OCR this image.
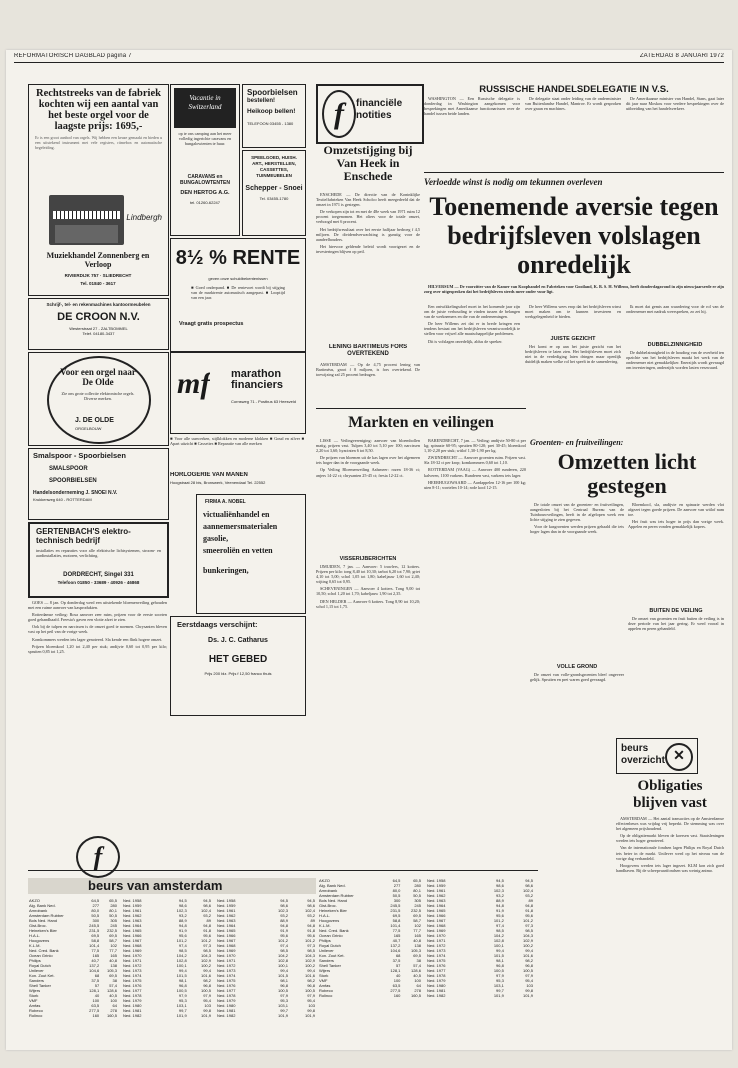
REFORMATORISCH DAGBLAD pagina 7	ZATERDAG 8 JANUARI 1972
Rechtstreeks van de fabriek kochten wij een aantal van het beste orgel voor de laagste prijs: 1695,-
Er is een groot aanbod van orgels. Wij hebben een keuze gemaakt en bieden u een uitstekend instrument met vele registers, ritmebox en automatische begeleiding.
Lindbergh
Muziekhandel Zonnenberg en Verloop
RIVIERDIJK 757 · SLIEDRECHT
Tel. 01840 - 3617
Schrijf-, tel- en rekenmachines kantoormeubelen
DE CROON N.V.
Westerstraat 27 - ZALTBOMMEL
Telef. 04180-3437
Voor een orgel naar De Olde
Zie ons grote collectie elektronische orgels. Diverse merken.
J. DE OLDE
ORGELBOUW
Smalspoor - Spoorbielsen
SMALSPOOR
SPOORBIELSEN
Handelsonderneming J. SNOEI N.V.
Krukkenweg 640 - ROTTERDAM
GERTENBACH'S elektro-technisch bedrijf
installaties en reparaties voor alle elektrische lichtsystemen, stroom- en aardinstallaties, motoren, verlichting.
DORDRECHT, Singel 331
Telefoon 01850 - 33689 - 40926 - 46868
Vacantie in Switzerland
op te ons camping aan het meer volledig ingerichte caravans en bungalowtenten te huur.
CARAVANS en BUNGALOWTENTEN
DEN HERTOG A.G.
tel. 01260-62247
Spoorbielsen
bestellen!
Heikoop bellen!
TELEFOON 03455 - 1380
SPEELGOED, HUISH. ART., HERSTELLEN, CASSETTES, TUINMEUBELEN
Schepper - Snoei
Tel. 03455-1780
8½ % RENTE
geven onze schuldbekentenissen
■ Goed onderpand. ■ De rentevoet wordt bij stijging van de marktrente automatisch aangepast. ■ Looptijd van een jaar.
Vraagt gratis prospectus
mf marathon financiers
Cornsweg 71 - Postbus 63 Heesveld
■ Voor alle uurwerken, stijlklokken en moderne klokken ■ Goud en zilver ■ Apart uitzicht ■ Cassettes ■ Reparatie van alle merken
HORLOGERIE VAN MANEN
Hoogstraat 28 bis, Bronswerk, Veenendaal Tel. 22552
FIRMA A. NOBEL
victualiënhandel en
aannemersmaterialen
gasolie,
smeeroliën en vetten
bunkeringen,
Eerstdaags verschijnt:
Ds. J. C. Catharus
HET GEBED
Prijs 200 blz. Prijs f 12,50 franco thuis

GOES — 8 jan. Op donderdag werd een uitstekende bloemenveiling gehouden met een ruime aanvoer van kasprodukten.

Rotterdamse veiling: Rosa aanvoer zeer ruim, prijzen voor de eerste soorten goed gehandhaafd. Freesia's gaven een vlotte afzet te zien.

Ook bij de tulpen en narcissen is de omzet goed te noemen. Chrysanten bleven vast op het peil van de vorige week.

Komkommers werden iets lager genoteerd. Sla kende een flink hogere omzet.

Prijzen bloemkool 1,20 tot 2,40 per stuk; andijvie 0,60 tot 0,95 per kilo; spruiten 0,85 tot 1,25.

f	financiële notities
Omzetstijging bij Van Heek in Enschede

ENSCHEDE — De directie van de Koninklijke Textielfabrieken Van Heek Scholco heeft meegedeeld dat de omzet in 1971 is gestegen.

De verkopen zijn tot en met de 48e week van 1971 ruim 12 procent toegenomen. Het oliers voor de totale omzet, verhoogd met 6 procent.

Het bedrijfsresultaat over het eerste halfjaar bedroeg f 4,5 miljoen. De dividendverwachting is gunstig voor de aandeelhouders.

Het hiervoor geldende beleid wordt voortgezet en de investeringen blijven op peil.

LENING BARTIMEUS FORS OVERTEKEND

AMSTERDAM — Op de 4,75 procent lening van Bartiméus, groot f 8 miljoen, is fors overtekend. De toewijzing zal 25 procent bedragen.

RUSSISCHE HANDELSDELEGATIE IN V.S.

WASHINGTON — Een Russische delegatie is donderdag in Washington aangekomen voor besprekingen met Amerikaanse functionarissen over de handel tussen beide landen.

De delegatie staat onder leiding van de onderminister van Buitenlandse Handel, Mantrov. Er wordt gesproken over graan en machines.

De Amerikaanse minister van Handel, Stans, gaat later dit jaar naar Moskou voor verdere besprekingen over de uitbreiding van het handelsverkeer.

Verloedde winst is nodig om tekunnen overleven
Toenemende aversie tegen bedrijfsleven volslagen onredelijk

HILVERSUM — De voorzitter van de Kamer van Koophandel en Fabrieken voor Gooiland, K. B. S. H. Willems, heeft donderdagavond in zijn nieuwjaarsrede er zijn zorg over uitgesproken dat het bedrijfsleven steeds meer onder vuur ligt.

Een ontwikkelingsdoel moet in het komende jaar zijn om de juiste verhouding te vinden tussen de belangen van de werknemers en die van de ondernemingen.

De heer Willems zei dat er in brede kringen een tendens bestaat om het bedrijfsleven verantwoordelijk te stellen voor vrijwel alle maatschappelijke problemen.

Dit is volslagen onredelijk, aldus de spreker.

De heer Willems wees erop dat het bedrijfsleven winst moet maken om te kunnen investeren en werkgelegenheid te bieden.

JUISTE GEZICHT

Het komt er op aan het juiste gezicht van het bedrijfsleven te laten zien. Het bedrijfsleven moet zich niet in de verdediging laten dringen maar openlijk duidelijk maken welke rol het speelt in de samenleving.

Ik moet dat gemis aan waardering voor de rol van de ondernemer met nadruk weerspreken, zo zei hij.

DUBBELZINNIGHEID

De dubbelzinnigheid in de houding van de overheid ten opzichte van het bedrijfsleven maakt het werk van de ondernemer niet gemakkelijker. Enerzijds wordt gevraagd om investeringen, anderzijds worden lasten verzwaard.

Markten en veilingen

LISSE — Veilingvereniging: aanvoer van bloembollen matig, prijzen vast. Tulpen 3,40 tot 5,10 per 100; narcissen 2,20 tot 3,60; hyacinten 6 tot 8,50.

De prijzen van bloemen uit de kas lagen over het algemeen iets hoger dan in de voorgaande week.

Op Veiling Bloemenveiling Aalsmeer: rozen 18-36 ct; anjers 14-22 ct; chrysanten 25-45 ct; fresia 12-22 ct.

VISSERIJBERICHTEN

IJMUIDEN, 7 jan. — Aanvoer: 5 trawlers, 12 kotters. Prijzen per kilo: tong 8,40 tot 10,30; tarbot 6,20 tot 7,90; griet 4,10 tot 5,00; schol 1,05 tot 1,80; kabeljauw 1,60 tot 2,40; wijting 0,65 tot 0,95.

SCHEVENINGEN — Aanvoer 4 kotters. Tong 9,00 tot 10,50; schol 1,20 tot 1,70; kabeljauw 1,90 tot 2,35.

DEN HELDER — Aanvoer 6 kotters. Tong 8,90 tot 10,20; schol 1,15 tot 1,75.

BARENDRECHT, 7 jan. — Veiling: andijvie 50-80 ct per kg; spinazie 60-95; spruiten 80-120; prei 30-45; bloemkool 1,10-2,20 per stuk; witlof 1,30-1,90 per kg.

ZWIJNDRECHT — Aanvoer groenten ruim. Prijzen vast. Sla 18-32 ct per krop; komkommers 0,60 tot 1,10.

ROTTERDAM (VAAG) — Aanvoer 400 runderen, 220 kalveren, 1100 varkens. Runderen vast, varkens iets lager.

HEERHUGOWAARD — Aardappelen 12-16 per 100 kg; uien 8-11; wortelen 10-14; rode kool 12-15.

Groenten- en fruitveilingen:
Omzetten licht gestegen

De totale omzet van de groenten- en fruitveilingen, aangesloten bij het Centraal Bureau van de Tuinbouwveilingen, heeft in de afgelopen week een lichte stijging te zien gegeven.

Voor de kasgroenten werden prijzen gehaald die iets hoger lagen dan in de voorgaande week.

VOLLE GROND

De omzet van volle-grondsgroenten bleef ongeveer gelijk. Spruiten en prei waren goed gevraagd.

Bloemkool, sla, andijvie en spinazie werden vlot afgezet tegen goede prijzen. De aanvoer van witlof nam toe.

Het fruit was iets hoger in prijs dan vorige week. Appelen en peren vonden gemakkelijk kopers.

BUITEN DE VEILING

De omzet van groenten en fruit buiten de veiling is in deze periode van het jaar gering. Er werd vooral in appelen en peren gehandeld.

f
beurs van amsterdam
AKZO	64,5	65,5
Alg. Bank Ned.	277	280
Amrobank	80,0	80,1
Amsterdam Rubber	50,5	50,5
Bols Ned. Hand	300	305
Gist-Broc.	245,5	245
Heineken's Bier	231,5	232,5
H.A.L.	69,5	69,5
Hoogovens	58,8	58,7
K.L.M.	101,4	102
Ned. Cred. Bank	77,5	77,7
Ocean Grinio	165	165
Philips	40,7	40,8
Royal Dutch	137,2	138
Unilever	104,6	105,3
Kon. Zout Ket.	68	69,5
Sanders	37,5	38
Shell Tanker	57	57,4
Wijers	128,1	128,6
Stork	40	40,5
VMF	100	100
Amfas	63,5	64
Robeco	277,5	278
Rolinco	160	160,5
Ned. 1958	94,5	94,5
Ned. 1959	98,6	98,6
Ned. 1961	102,3	102,4
Ned. 1962	93,2	93,2
Ned. 1963	88,9	89
Ned. 1964	94,8	94,8
Ned. 1965	91,9	91,8
Ned. 1966	95,6	95,6
Ned. 1967	101,2	101,2
Ned. 1968	97,4	97,3
Ned. 1969	98,5	98,5
Ned. 1970	104,2	104,3
Ned. 1971	102,8	102,9
Ned. 1972	100,1	100,2
Ned. 1973	99,4	99,4
Ned. 1974	101,5	101,6
Ned. 1975	98,1	98,2
Ned. 1976	96,8	96,8
Ned. 1977	100,5	100,5
Ned. 1978	97,9	97,9
Ned. 1979	95,3	95,4
Ned. 1980	103,1	103
Ned. 1981	99,7	99,8
Ned. 1982	101,9	101,9
Ned. 1958	94,5	94,5
Ned. 1959	98,6	98,6
Ned. 1961	102,3	102,4
Ned. 1962	93,2	93,2
Ned. 1963	88,9	89
Ned. 1964	94,8	94,8
Ned. 1965	91,9	91,8
Ned. 1966	95,6	95,6
Ned. 1967	101,2	101,2
Ned. 1968	97,4	97,3
Ned. 1969	98,5	98,5
Ned. 1970	104,2	104,3
Ned. 1971	102,8	102,9
Ned. 1972	100,1	100,2
Ned. 1973	99,4	99,4
Ned. 1974	101,5	101,6
Ned. 1975	98,1	98,2
Ned. 1976	96,8	96,8
Ned. 1977	100,5	100,5
Ned. 1978	97,9	97,9
Ned. 1979	95,3	95,4
Ned. 1980	103,1	103
Ned. 1981	99,7	99,8
Ned. 1982	101,9	101,9
AKZO	64,5	65,5
Alg. Bank Ned.	277	280
Amrobank	80,0	80,1
Amsterdam Rubber	50,5	50,5
Bols Ned. Hand	300	305
Gist-Broc.	245,5	245
Heineken's Bier	231,5	232,5
H.A.L.	69,5	69,5
Hoogovens	58,8	58,7
K.L.M.	101,4	102
Ned. Cred. Bank	77,5	77,7
Ocean Grinio	165	165
Philips	40,7	40,8
Royal Dutch	137,2	138
Unilever	104,6	105,3
Kon. Zout Ket.	68	69,5
Sanders	37,5	38
Shell Tanker	57	57,4
Wijers	128,1	128,6
Stork	40	40,5
VMF	100	100
Amfas	63,5	64
Robeco	277,5	278
Rolinco	160	160,5
Ned. 1958	94,5	94,5
Ned. 1959	98,6	98,6
Ned. 1961	102,3	102,4
Ned. 1962	93,2	93,2
Ned. 1963	88,9	89
Ned. 1964	94,8	94,8
Ned. 1965	91,9	91,8
Ned. 1966	95,6	95,6
Ned. 1967	101,2	101,2
Ned. 1968	97,4	97,3
Ned. 1969	98,5	98,5
Ned. 1970	104,2	104,3
Ned. 1971	102,8	102,9
Ned. 1972	100,1	100,2
Ned. 1973	99,4	99,4
Ned. 1974	101,5	101,6
Ned. 1975	98,1	98,2
Ned. 1976	96,8	96,8
Ned. 1977	100,5	100,5
Ned. 1978	97,9	97,9
Ned. 1979	95,3	95,4
Ned. 1980	103,1	103
Ned. 1981	99,7	99,8
Ned. 1982	101,9	101,9
beurs overzicht ✕
Obligaties blijven vast

AMSTERDAM — Het aantal transacties op de Amsterdamse effectenbeurs was vrijdag vrij beperkt. De stemming was over het algemeen prijshoudend.

Op de obligatiemarkt bleven de koersen vast. Staatsleningen werden iets hoger genoteerd.

Van de internationale fondsen lagen Philips en Royal Dutch iets beter in de markt. Unilever werd op het niveau van de vorige dag verhandeld.

Hoogovens werden iets lager ingezet. KLM kon zich goed handhaven. Bij de scheepvaartfondsen was weinig animo.
